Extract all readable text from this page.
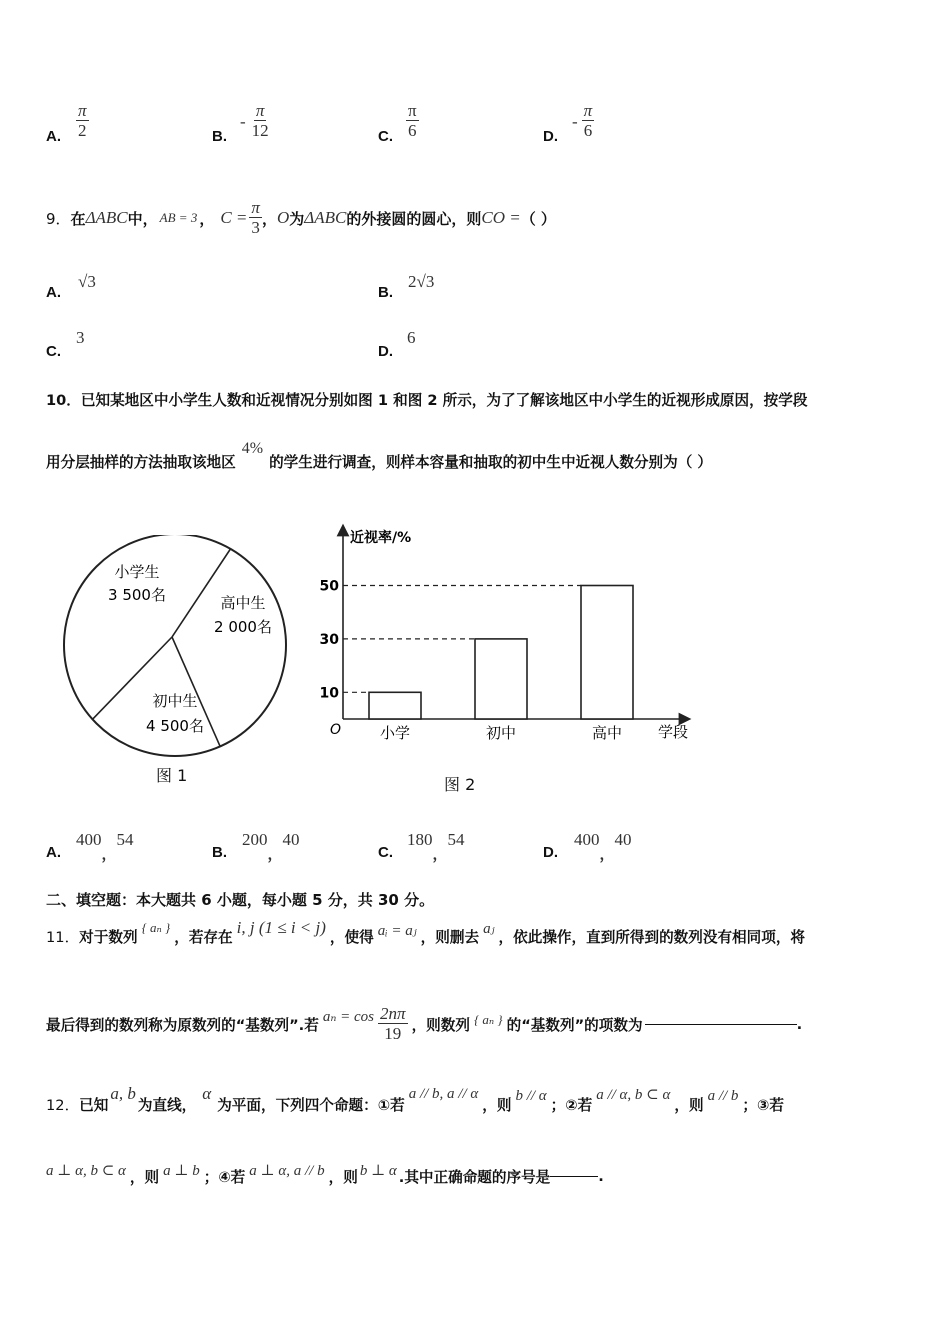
A. $\frac{\pi}{2}$	B.
- $\frac{\pi}{12}$	C. $\frac{\pi}{6}$	D.
- $\frac{\pi}{6}$
9． 在 ΔABC 中， AB = 3 ， $C = \frac{\pi}{3}$ ， O 为 ΔABC 的外接圆的圆心，则 CO = （ ）
A.
√3
B.
2√3
C.
3
D.
6
10．已知某地区中小学生人数和近视情况分别如图 1 和图 2 所示，为了了解该地区中小学生的近视形成原因，按学段
用分层抽样的方法抽取该地区4%的学生进行调查，则样本容量和抽取的初中生中近视人数分别为（ ）
小学生
3 500名	高中生
2 000名
初中生
4 500名
图 1
近视率/%
学段
O
10
小学
30
初中
50
高中
图 2
A.
400，54
B.
200，40
C.
180，54
D.
400，40
二、填空题：本大题共 6 小题，每小题 5 分，共 30 分。
11． 对于数列
{ aₙ }
，若存在 i, j (1 ≤ i < j) ，使得 aᵢ = aⱼ ，则删去 aⱼ ，依此操作，直到所得到的数列没有相同项，将
最后得到的数列称为原数列的“基数列”.若 $a_n = \cos \frac{2n\pi}{19}$ ，则数列 { aₙ } 的“基数列”的项数为	.
12． 已知
a, b
为直线，
α
为平面，下列四个命题：①若
a // b, a // α
，则
b // α
；②若
a // α, b ⊂ α
，则
a // b
；③若
a ⊥ α, b ⊂ α ，则 a ⊥ b ；④若 a ⊥ α, a // b ，则 b ⊥ α .其中正确命题的序号是	.
